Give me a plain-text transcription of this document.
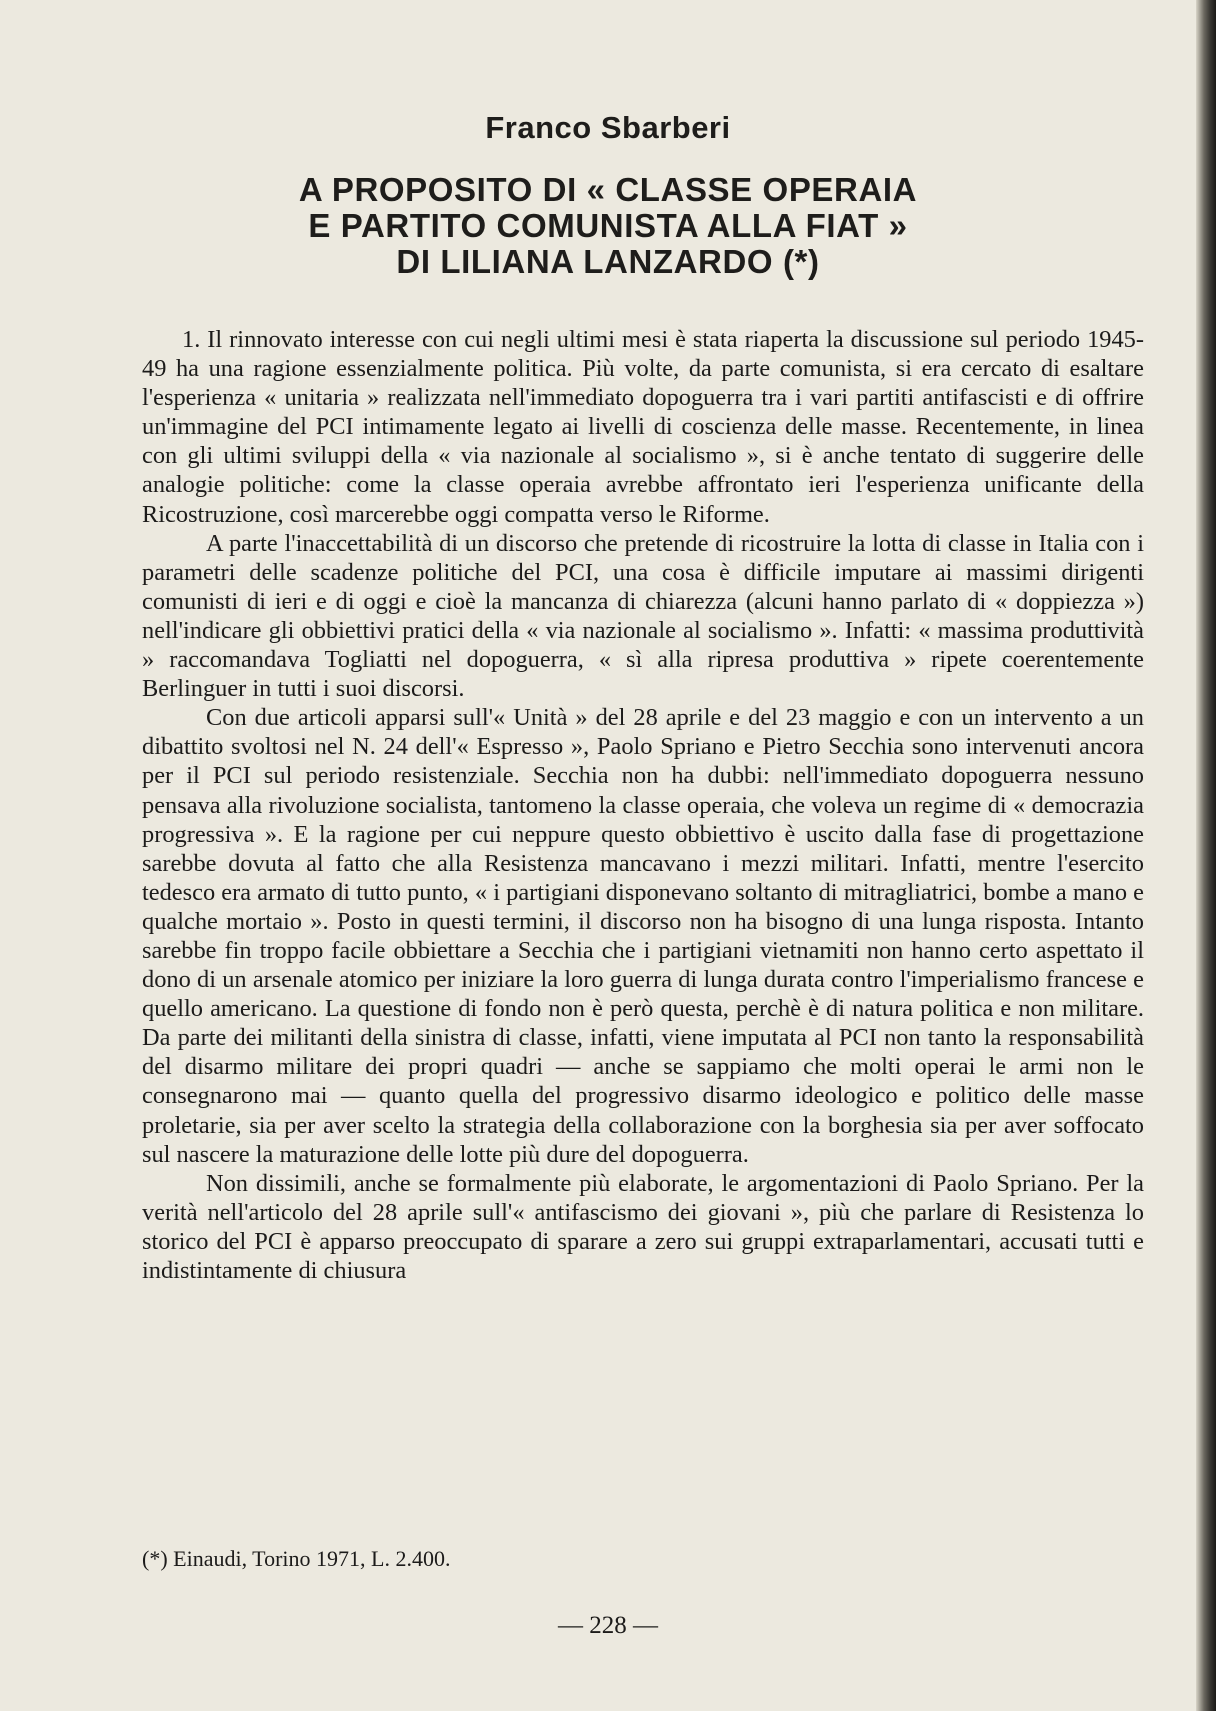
Franco Sbarberi
A PROPOSITO DI « CLASSE OPERAIA
E PARTITO COMUNISTA ALLA FIAT »
DI LILIANA LANZARDO (*)

1. Il rinnovato interesse con cui negli ultimi mesi è stata riaperta la discussione sul periodo 1945-49 ha una ragione essenzialmente politica. Più volte, da parte comunista, si era cercato di esaltare l'esperienza « unitaria » realizzata nell'immediato dopoguerra tra i vari partiti antifascisti e di offrire un'immagine del PCI intimamente legato ai livelli di coscienza delle masse. Recentemente, in linea con gli ultimi sviluppi della « via nazionale al socialismo », si è anche tentato di suggerire delle analogie politiche: come la classe operaia avrebbe affrontato ieri l'esperienza unificante della Ricostruzione, così marcerebbe oggi compatta verso le Riforme.

A parte l'inaccettabilità di un discorso che pretende di ricostruire la lotta di classe in Italia con i parametri delle scadenze politiche del PCI, una cosa è difficile imputare ai massimi dirigenti comunisti di ieri e di oggi e cioè la mancanza di chiarezza (alcuni hanno parlato di « doppiezza ») nell'indicare gli obbiettivi pratici della « via nazionale al socialismo ». Infatti: « massima produttività » raccomandava Togliatti nel dopoguerra, « sì alla ripresa produttiva » ripete coerentemente Berlinguer in tutti i suoi discorsi.

Con due articoli apparsi sull'« Unità » del 28 aprile e del 23 maggio e con un intervento a un dibattito svoltosi nel N. 24 dell'« Espresso », Paolo Spriano e Pietro Secchia sono intervenuti ancora per il PCI sul periodo resistenziale. Secchia non ha dubbi: nell'immediato dopoguerra nessuno pensava alla rivoluzione socialista, tantomeno la classe operaia, che voleva un regime di « democrazia progressiva ». E la ragione per cui neppure questo obbiettivo è uscito dalla fase di progettazione sarebbe dovuta al fatto che alla Resistenza mancavano i mezzi militari. Infatti, mentre l'esercito tedesco era armato di tutto punto, « i partigiani disponevano soltanto di mitragliatrici, bombe a mano e qualche mortaio ». Posto in questi termini, il discorso non ha bisogno di una lunga risposta. Intanto sarebbe fin troppo facile obbiettare a Secchia che i partigiani vietnamiti non hanno certo aspettato il dono di un arsenale atomico per iniziare la loro guerra di lunga durata contro l'imperialismo francese e quello americano. La questione di fondo non è però questa, perchè è di natura politica e non militare. Da parte dei militanti della sinistra di classe, infatti, viene imputata al PCI non tanto la responsabilità del disarmo militare dei propri quadri — anche se sappiamo che molti operai le armi non le consegnarono mai — quanto quella del progressivo disarmo ideologico e politico delle masse proletarie, sia per aver scelto la strategia della collaborazione con la borghesia sia per aver soffocato sul nascere la maturazione delle lotte più dure del dopoguerra.

Non dissimili, anche se formalmente più elaborate, le argomentazioni di Paolo Spriano. Per la verità nell'articolo del 28 aprile sull'« antifascismo dei giovani », più che parlare di Resistenza lo storico del PCI è apparso preoccupato di sparare a zero sui gruppi extraparlamentari, accusati tutti e indistintamente di chiusura

(*) Einaudi, Torino 1971, L. 2.400.
— 228 —
